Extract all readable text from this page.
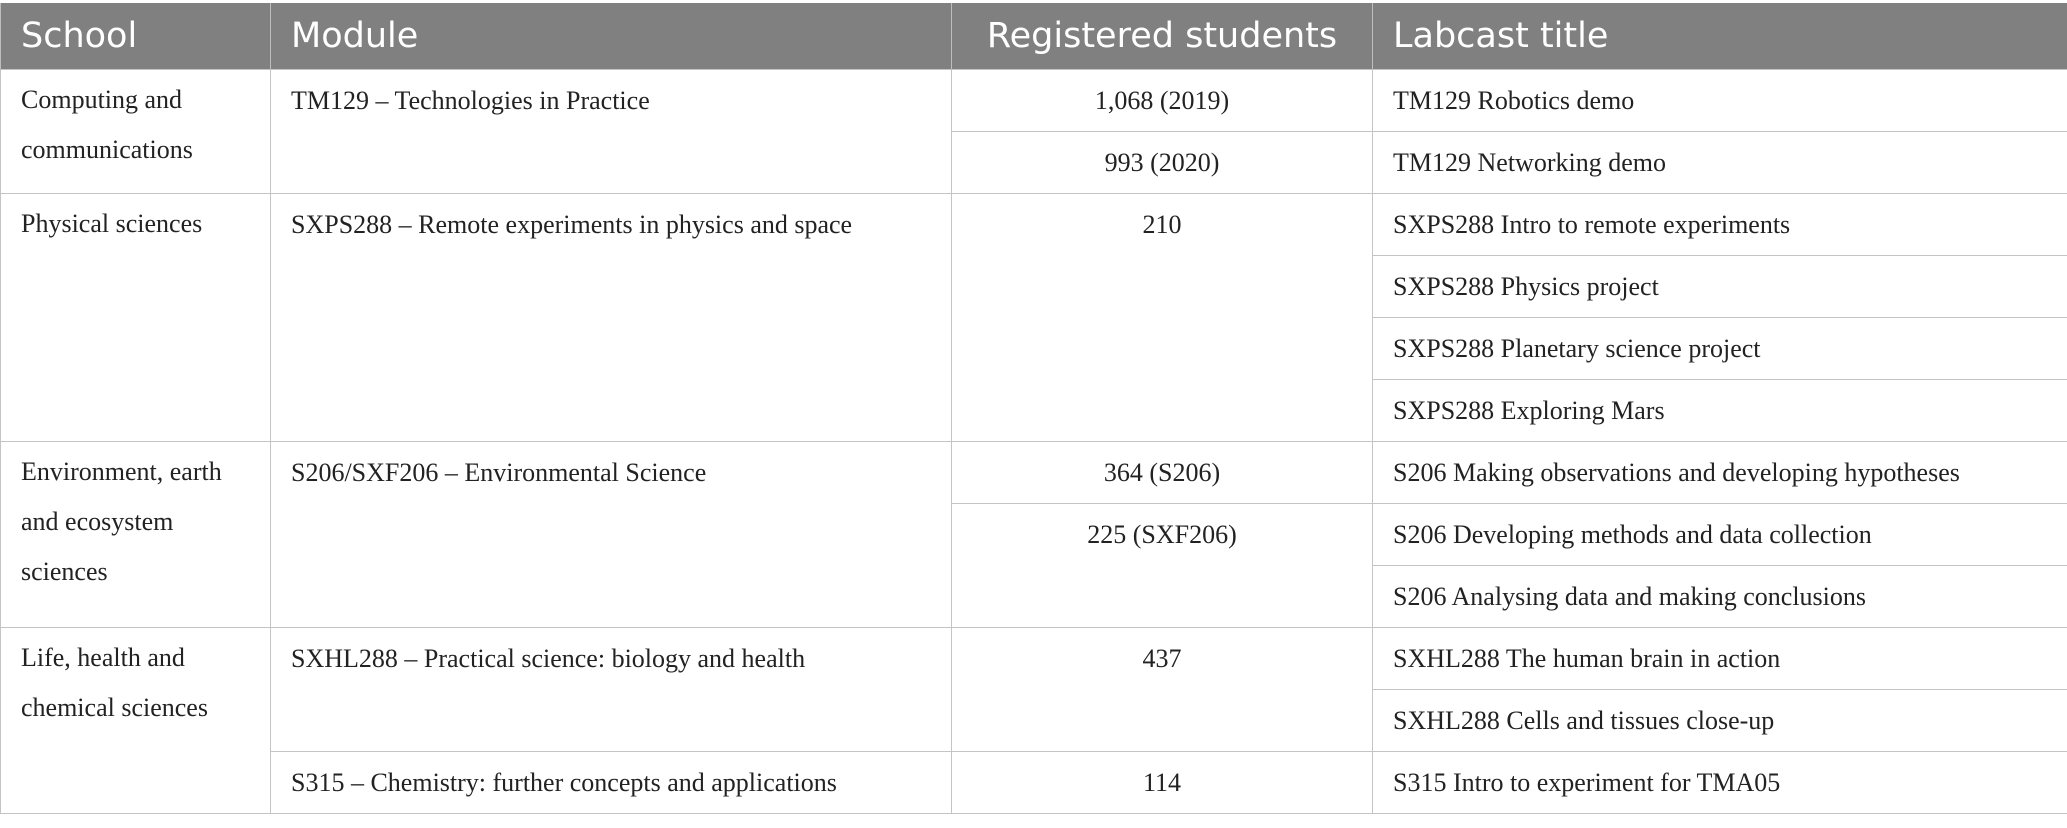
School	Module	Registered students	Labcast title
Computing and communications	TM129 – Technologies in Practice	1,068 (2019)	TM129 Robotics demo
		993 (2020)	TM129 Networking demo
Physical sciences	SXPS288 – Remote experiments in physics and space	210	SXPS288 Intro to remote experiments
			SXPS288 Physics project
			SXPS288 Planetary science project
			SXPS288 Exploring Mars
Environment, earth and ecosystem sciences	S206/SXF206 – Environmental Science	364 (S206)	S206 Making observations and developing hypotheses
		225 (SXF206)	S206 Developing methods and data collection
			S206 Analysing data and making conclusions
Life, health and chemical sciences	SXHL288 – Practical science: biology and health	437	SXHL288 The human brain in action
			SXHL288 Cells and tissues close-up
	S315 – Chemistry: further concepts and applications	114	S315 Intro to experiment for TMA05
